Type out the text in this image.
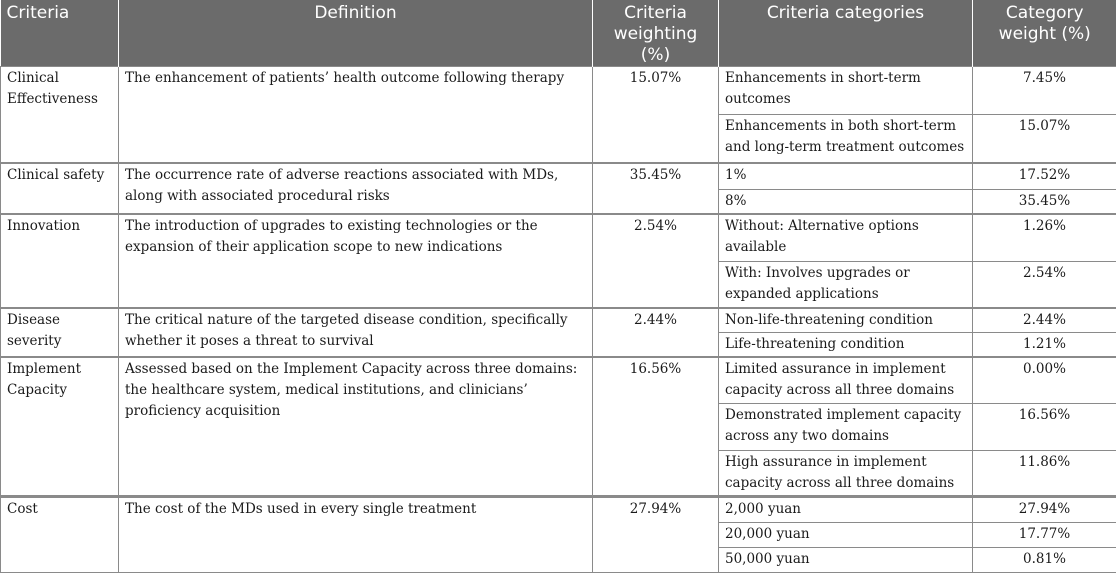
Criteria	Definition	Criteria weighting (%)	Criteria categories	Category weight (%)
Clinical Effectiveness	The enhancement of patients’ health outcome following therapy	15.07%	Enhancements in short-term outcomes	7.45%
			Enhancements in both short-term and long-term treatment outcomes	15.07%
Clinical safety	The occurrence rate of adverse reactions associated with MDs, along with associated procedural risks	35.45%	1%	17.52%
			8%	35.45%
Innovation	The introduction of upgrades to existing technologies or the expansion of their application scope to new indications	2.54%	Without: Alternative options available	1.26%
			With: Involves upgrades or expanded applications	2.54%
Disease severity	The critical nature of the targeted disease condition, specifically whether it poses a threat to survival	2.44%	Non-life-threatening condition	2.44%
			Life-threatening condition	1.21%
Implement Capacity	Assessed based on the Implement Capacity across three domains: the healthcare system, medical institutions, and clinicians’ proficiency acquisition	16.56%	Limited assurance in implement capacity across all three domains	0.00%
			Demonstrated implement capacity across any two domains	16.56%
			High assurance in implement capacity across all three domains	11.86%
Cost	The cost of the MDs used in every single treatment	27.94%	2,000 yuan	27.94%
			20,000 yuan	17.77%
			50,000 yuan	0.81%
